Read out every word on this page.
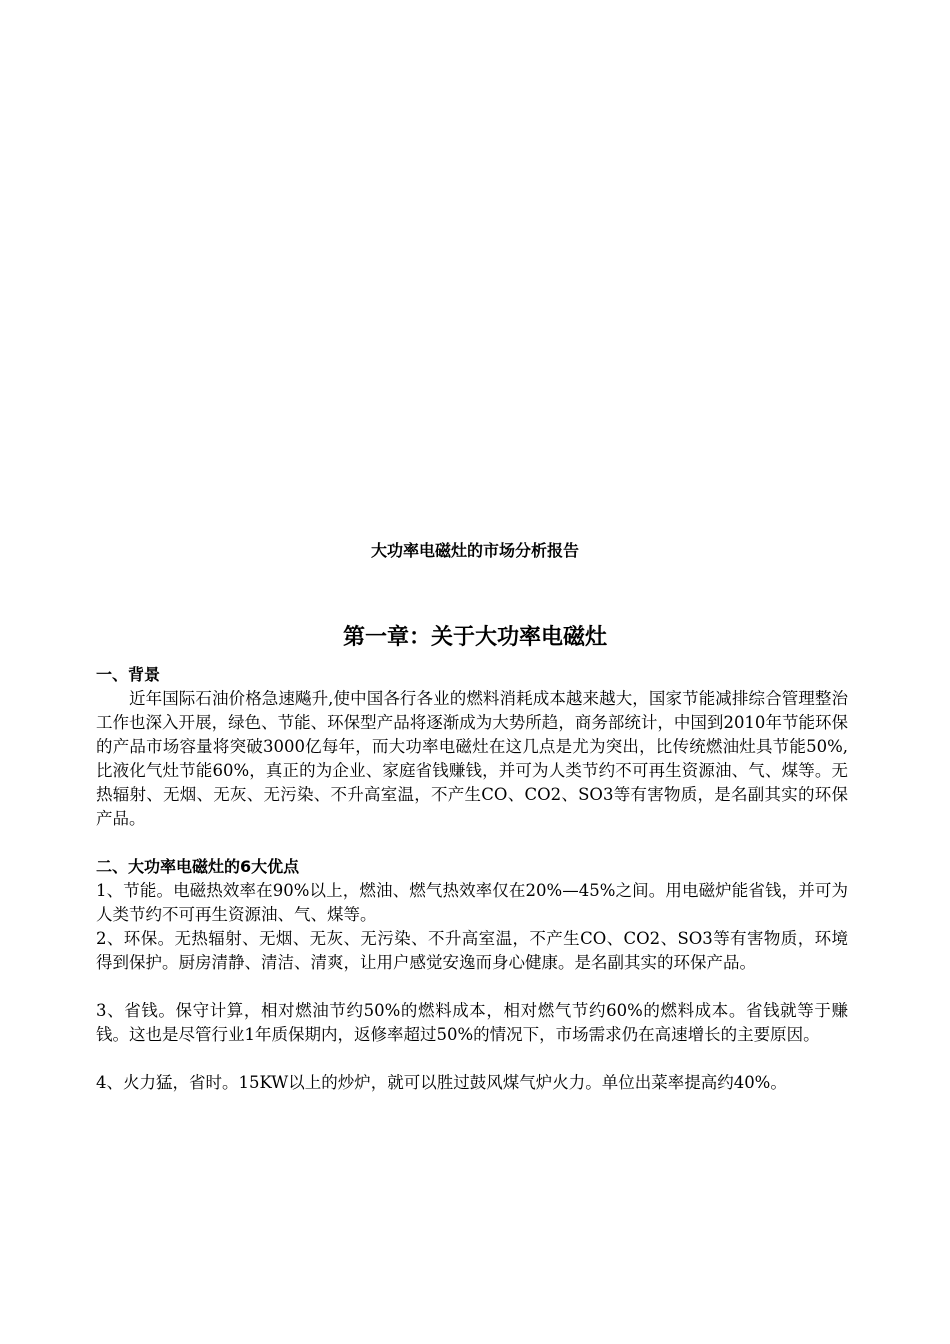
大功率电磁灶的市场分析报告
第一章：关于大功率电磁灶

一、背景

近年国际石油价格急速飚升,使中国各行各业的燃料消耗成本越来越大，国家节能减排综合管理整治工作也深入开展，绿色、节能、环保型产品将逐渐成为大势所趋，商务部统计，中国到2010年节能环保的产品市场容量将突破3000亿每年，而大功率电磁灶在这几点是尤为突出，比传统燃油灶具节能50%,比液化气灶节能60%，真正的为企业、家庭省钱赚钱，并可为人类节约不可再生资源油、气、煤等。无热辐射、无烟、无灰、无污染、不升高室温，不产生CO、CO2、SO3等有害物质，是名副其实的环保产品。

二、大功率电磁灶的6大优点

1、节能。电磁热效率在90%以上，燃油、燃气热效率仅在20%—45%之间。用电磁炉能省钱，并可为人类节约不可再生资源油、气、煤等。

2、环保。无热辐射、无烟、无灰、无污染、不升高室温，不产生CO、CO2、SO3等有害物质，环境得到保护。厨房清静、清洁、清爽，让用户感觉安逸而身心健康。是名副其实的环保产品。

3、省钱。保守计算，相对燃油节约50%的燃料成本，相对燃气节约60%的燃料成本。省钱就等于赚钱。这也是尽管行业1年质保期内，返修率超过50%的情况下，市场需求仍在高速增长的主要原因。

4、火力猛，省时。15KW以上的炒炉，就可以胜过鼓风煤气炉火力。单位出菜率提高约40%。
